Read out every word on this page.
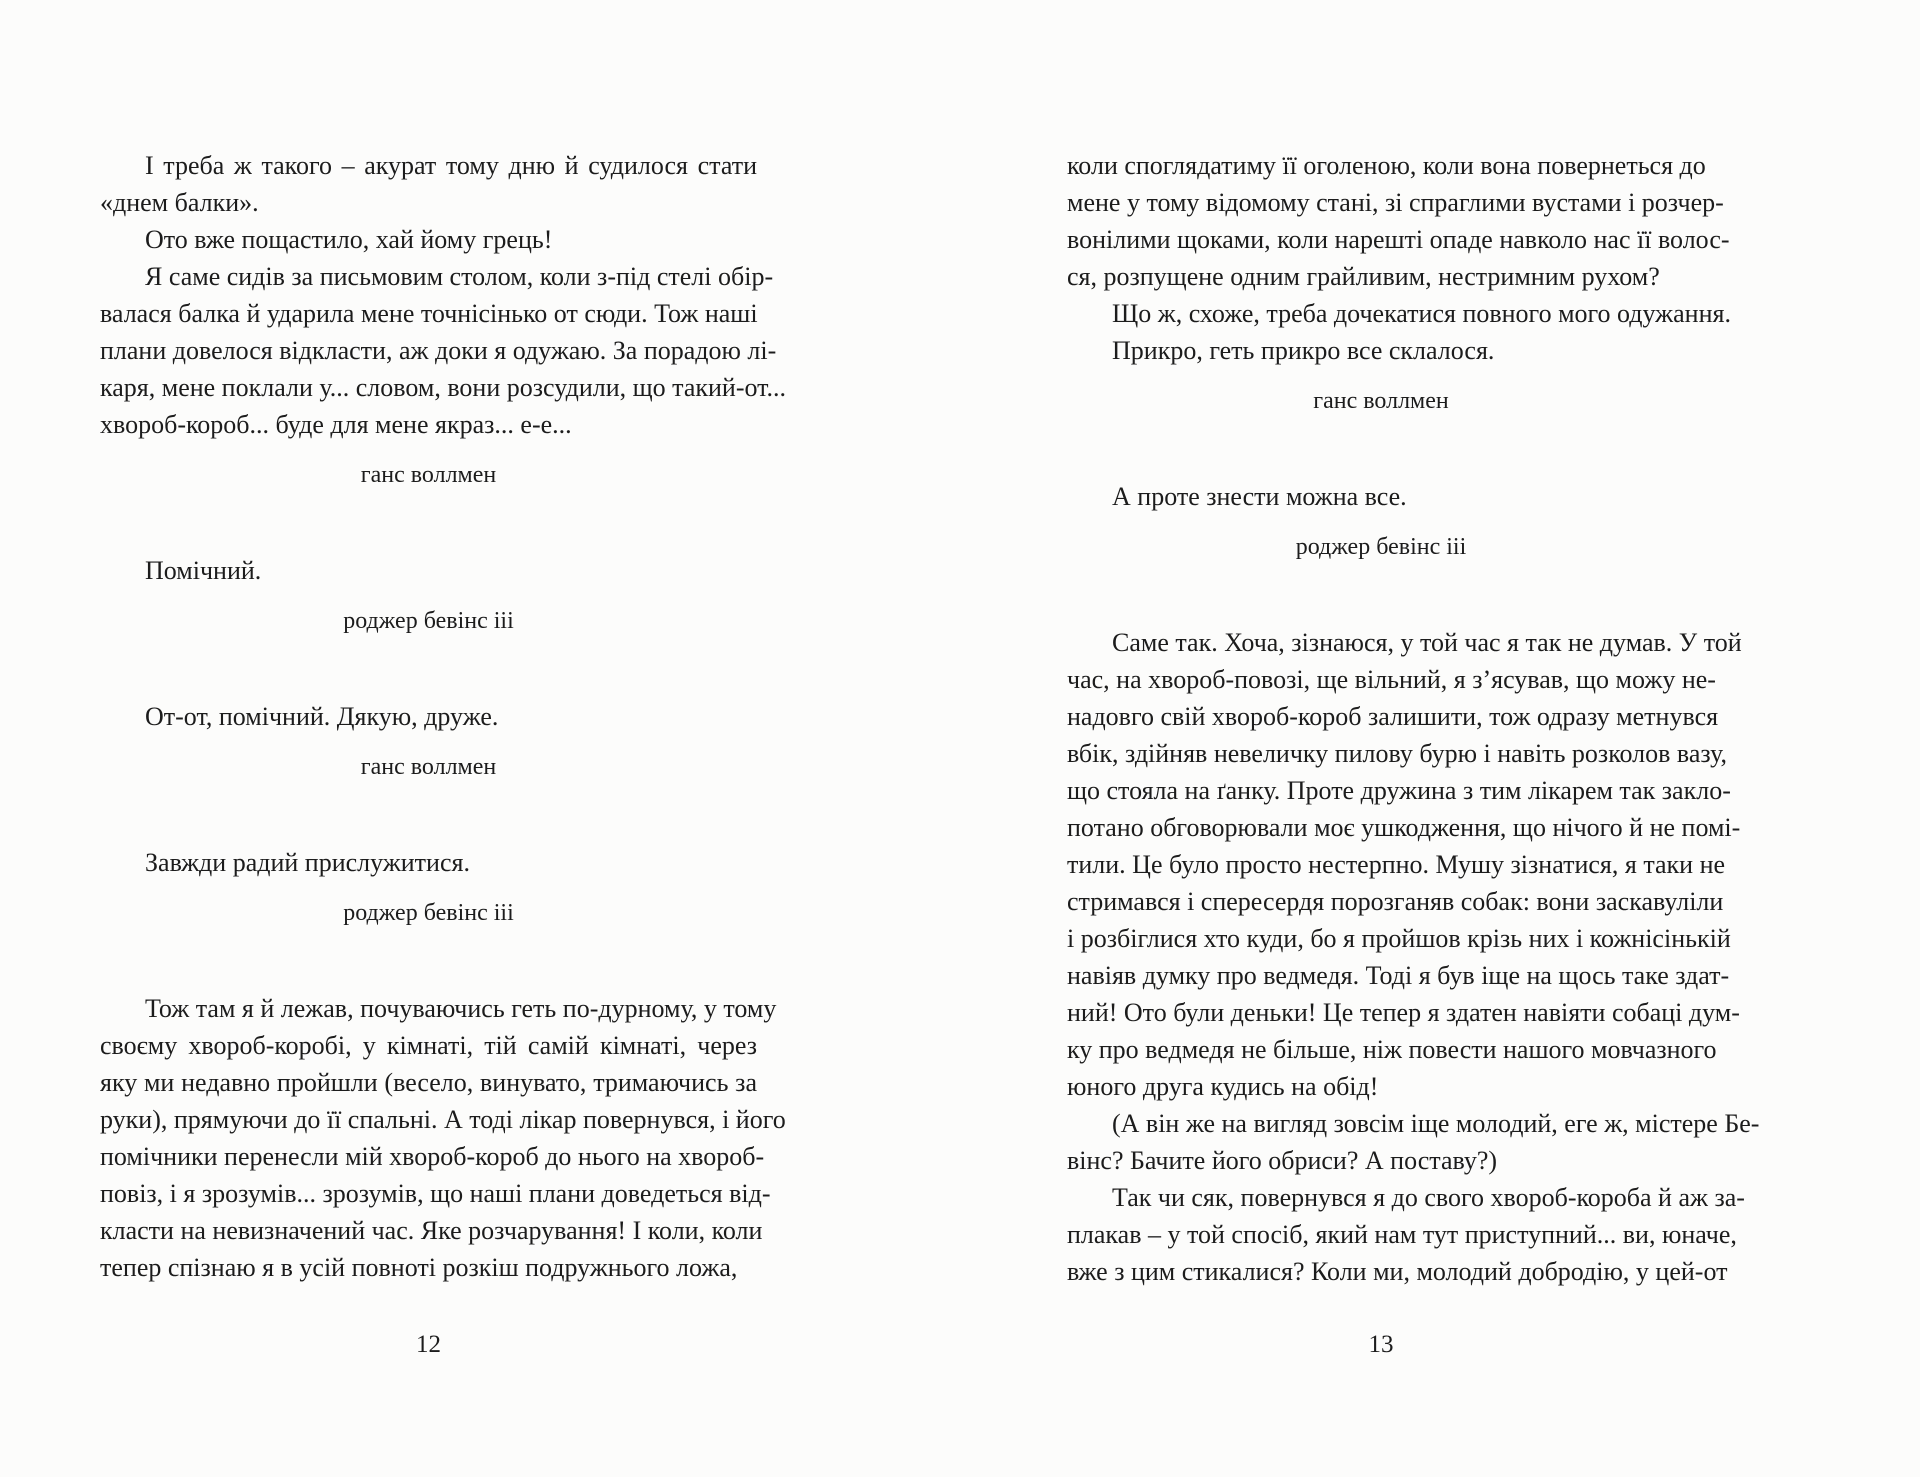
12
І треба ж такого – акурат тому дню й судилося стати
«днем балки».
Ото вже пощастило, хай йому грець!
Я саме сидів за письмовим столом, коли з-під стелі обір-
валася балка й ударила мене точнісінько от сюди. Тож наші
плани довелося відкласти, аж доки я одужаю. За порадою лі-
каря, мене поклали у... словом, вони розсудили, що такий-от...
хвороб-короб... буде для мене якраз... е-е...
ганс воллмен
Помічний.
роджер бевінс ііі
От-от, помічний. Дякую, друже.
ганс воллмен
Завжди радий прислужитися.
роджер бевінс ііі
Тож там я й лежав, почуваючись геть по-дурному, у тому
своєму хвороб-коробі, у кімнаті, тій самій кімнаті, через
яку ми недавно пройшли (весело, винувато, тримаючись за
руки), прямуючи до її спальні. А тоді лікар повернувся, і його
помічники перенесли мій хвороб-короб до нього на хвороб-
повіз, і я зрозумів... зрозумів, що наші плани доведеться від-
класти на невизначений час. Яке розчарування! І коли, коли
тепер спізнаю я в усій повноті розкіш подружнього ложа,
13
коли споглядатиму її оголеною, коли вона повернеться до
мене у тому відомому стані, зі спраглими вустами і розчер-
вонілими щоками, коли нарешті опаде навколо нас її волос-
ся, розпущене одним грайливим, нестримним рухом?
Що ж, схоже, треба дочекатися повного мого одужання.
Прикро, геть прикро все склалося.
ганс воллмен
А проте знести можна все.
роджер бевінс ііі
Саме так. Хоча, зізнаюся, у той час я так не думав. У той
час, на хвороб-повозі, ще вільний, я з’ясував, що можу не-
надовго свій хвороб-короб залишити, тож одразу метнувся
вбік, здійняв невеличку пилову бурю і навіть розколов вазу,
що стояла на ґанку. Проте дружина з тим лікарем так закло-
потано обговорювали моє ушкодження, що нічого й не помі-
тили. Це було просто нестерпно. Мушу зізнатися, я таки не
стримався і спересердя порозганяв собак: вони заскавуліли
і розбіглися хто куди, бо я пройшов крізь них і кожнісінькій
навіяв думку про ведмедя. Тоді я був іще на щось таке здат-
ний! Ото були деньки! Це тепер я здатен навіяти собаці дум-
ку про ведмедя не більше, ніж повести нашого мовчазного
юного друга кудись на обід!
(А він же на вигляд зовсім іще молодий, еге ж, містере Бе-
вінс? Бачите його обриси? А поставу?)
Так чи сяк, повернувся я до свого хвороб-короба й аж за-
плакав – у той спосіб, який нам тут приступний... ви, юначе,
вже з цим стикалися? Коли ми, молодий добродію, у цей-от
